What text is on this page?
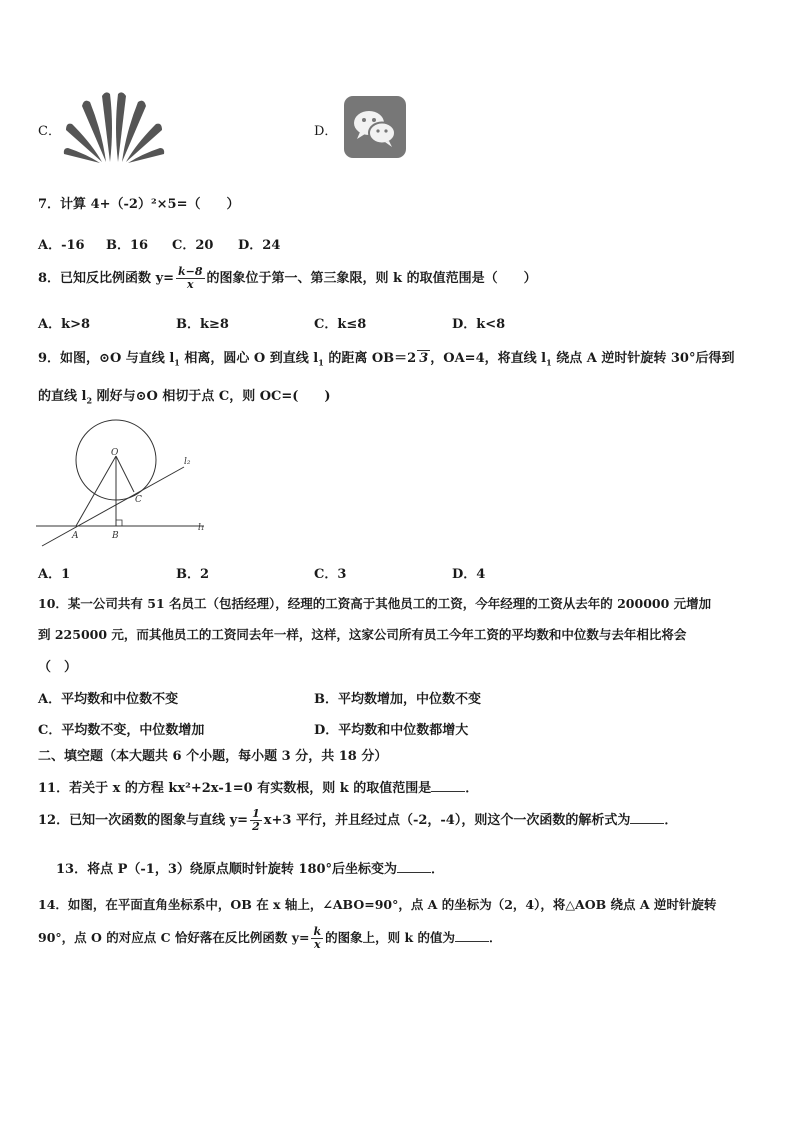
C．	D．
7．计算 4+（-2）²×5=（　　）
A．-16 B．16 C．20 D．24
8．已知反比例函数 $y= \frac{k-8}{x}$ 的图象位于第一、第三象限，则 k 的取值范围是（　　）
A．k>8	B．k≥8	C．k≤8	D．k<8
9．如图，⊙O 与直线 $l_1$ 相离，圆心 O 到直线 $l_1$ 的距离 OB＝2 3 ，OA=4，将直线 $l_1$ 绕点 A 逆时针旋转 30°后得到
的直线 $l_2$ 刚好与⊙O 相切于点 C，则 OC=(　　)
O
C
A	B
l₁
l₂
A．1	B．2	C．3	D．4
10．某一公司共有 51 名员工（包括经理），经理的工资高于其他员工的工资，今年经理的工资从去年的 200000 元增加
到 225000 元，而其他员工的工资同去年一样，这样，这家公司所有员工今年工资的平均数和中位数与去年相比将会
（　）
A．平均数和中位数不变	B．平均数增加，中位数不变
C．平均数不变，中位数增加	D．平均数和中位数都增大
二、填空题（本大题共 6 个小题，每小题 3 分，共 18 分）
11．若关于 x 的方程 kx²+2x-1=0 有实数根，则 k 的取值范围是	．
12．已知一次函数的图象与直线 $y= \frac{1}{2} x+3$ 平行，并且经过点（-2，-4），则这个一次函数的解析式为	．
13．将点 P（-1，3）绕原点顺时针旋转 180°后坐标变为	．
14．如图，在平面直角坐标系中，OB 在 x 轴上，∠ABO=90°，点 A 的坐标为（2，4），将△AOB 绕点 A 逆时针旋转
90°，点 O 的对应点 C 恰好落在反比例函数 $y= \frac{k}{x}$ 的图象上，则 k 的值为	．
